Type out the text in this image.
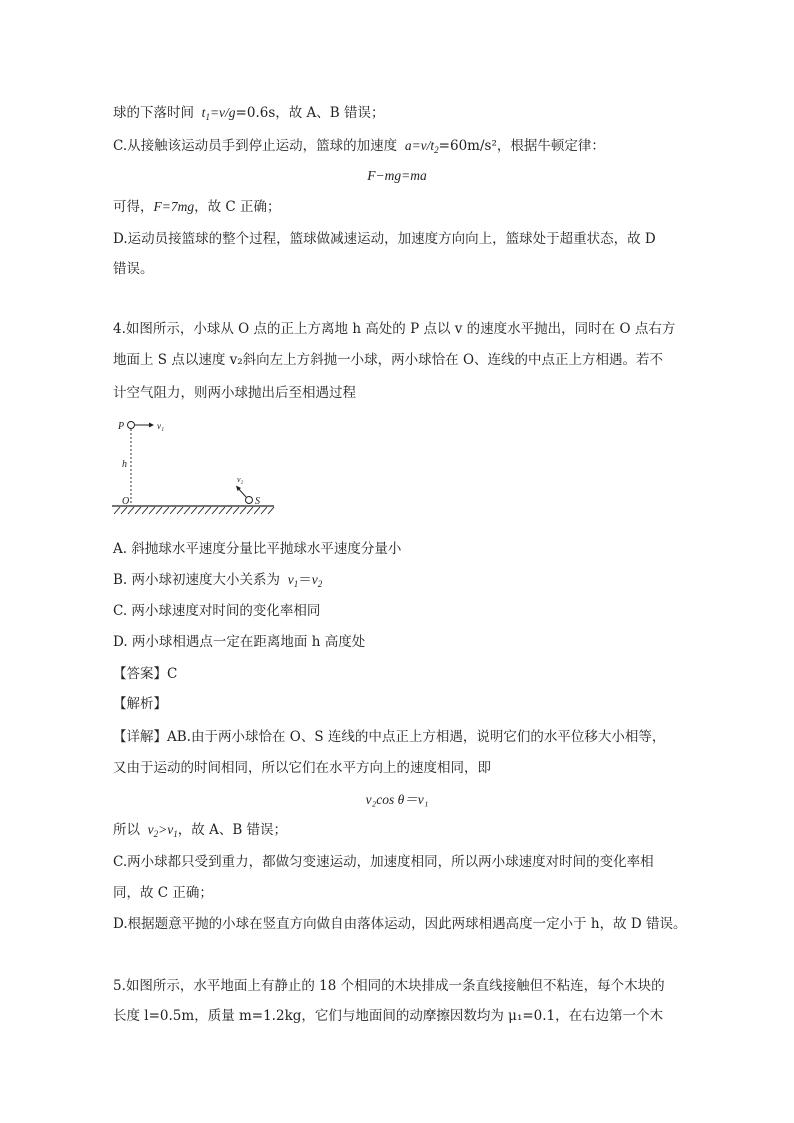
球的下落时间  $t_1=v/g=0.6s$，故 A、B 错误；
C.从接触该运动员手到停止运动，篮球的加速度  $a=v/t_2=60m/s^2$，根据牛顿定律：
F−mg=ma
可得，F=7mg，故 C 正确；
D.运动员接篮球的整个过程，篮球做减速运动，加速度方向向上，篮球处于超重状态，故 D
错误。
4.如图所示，小球从 O 点的正上方离地 h 高处的 P 点以 v 的速度水平抛出，同时在 O 点右方
地面上 S 点以速度 v₂斜向左上方斜抛一小球，两小球恰在 O、连线的中点正上方相遇。若不
计空气阻力，则两小球抛出后至相遇过程
P	v₁
h
O
v₂
S
A. 斜抛球水平速度分量比平抛球水平速度分量小
B. 两小球初速度大小关系为  $v_1=v_2$
C. 两小球速度对时间的变化率相同
D. 两小球相遇点一定在距离地面 h 高度处
【答案】C
【解析】
【详解】AB.由于两小球恰在 O、S 连线的中点正上方相遇，说明它们的水平位移大小相等，
又由于运动的时间相同，所以它们在水平方向上的速度相同，即
v₂cos θ＝v₁
所以  $v_2>v_1$，故 A、B 错误；
C.两小球都只受到重力，都做匀变速运动，加速度相同，所以两小球速度对时间的变化率相
同，故 C 正确；
D.根据题意平抛的小球在竖直方向做自由落体运动，因此两球相遇高度一定小于 h，故 D 错误。
5.如图所示，水平地面上有静止的 18 个相同的木块排成一条直线接触但不粘连，每个木块的
长度 l=0.5m，质量 m=1.2kg，它们与地面间的动摩擦因数均为 μ₁=0.1，在右边第一个木
